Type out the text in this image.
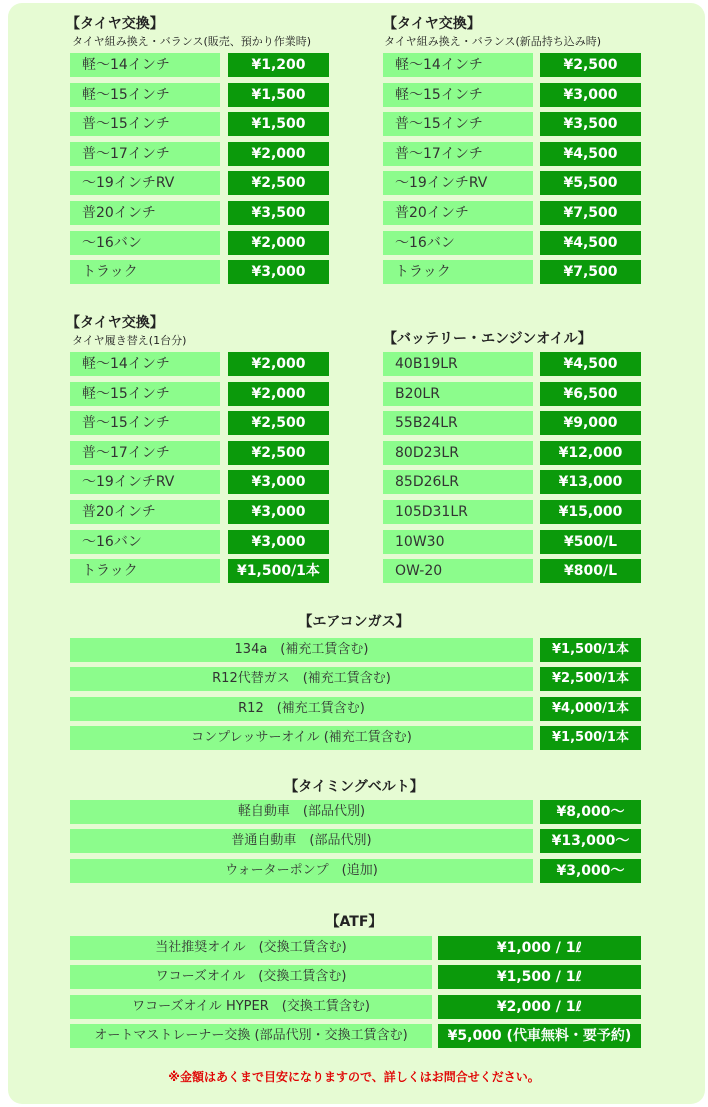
【タイヤ交換】
タイヤ組み換え・バランス(販売、預かり作業時)
軽～14インチ	¥1,200
軽～15インチ	¥1,500
普～15インチ	¥1,500
普～17インチ	¥2,000
～19インチRV	¥2,500
普20インチ	¥3,500
～16バン	¥2,000
トラック	¥3,000
【タイヤ交換】
タイヤ組み換え・バランス(新品持ち込み時)
軽～14インチ	¥2,500
軽～15インチ	¥3,000
普～15インチ	¥3,500
普～17インチ	¥4,500
～19インチRV	¥5,500
普20インチ	¥7,500
～16バン	¥4,500
トラック	¥7,500
【タイヤ交換】
タイヤ履き替え(1台分)
軽～14インチ	¥2,000
軽～15インチ	¥2,000
普～15インチ	¥2,500
普～17インチ	¥2,500
～19インチRV	¥3,000
普20インチ	¥3,000
～16バン	¥3,000
トラック	¥1,500/1本
【バッテリー・エンジンオイル】
40B19LR	¥4,500
B20LR	¥6,500
55B24LR	¥9,000
80D23LR	¥12,000
85D26LR	¥13,000
105D31LR	¥15,000
10W30	¥500/L
OW-20	¥800/L
【エアコンガス】
134a　(補充工賃含む)	¥1,500/1本
R12代替ガス　(補充工賃含む)	¥2,500/1本
R12　(補充工賃含む)	¥4,000/1本
コンプレッサーオイル (補充工賃含む)	¥1,500/1本
【タイミングベルト】
軽自動車　(部品代別)	¥8,000～
普通自動車　(部品代別)	¥13,000～
ウォーターポンプ　(追加)	¥3,000～
【ATF】
当社推奨オイル　(交換工賃含む)	¥1,000 / 1ℓ
ワコーズオイル　(交換工賃含む)	¥1,500 / 1ℓ
ワコーズオイル HYPER　(交換工賃含む)	¥2,000 / 1ℓ
オートマストレーナー交換 (部品代別・交換工賃含む)	¥5,000 (代車無料・要予約)
※金額はあくまで目安になりますので、詳しくはお問合せください。
